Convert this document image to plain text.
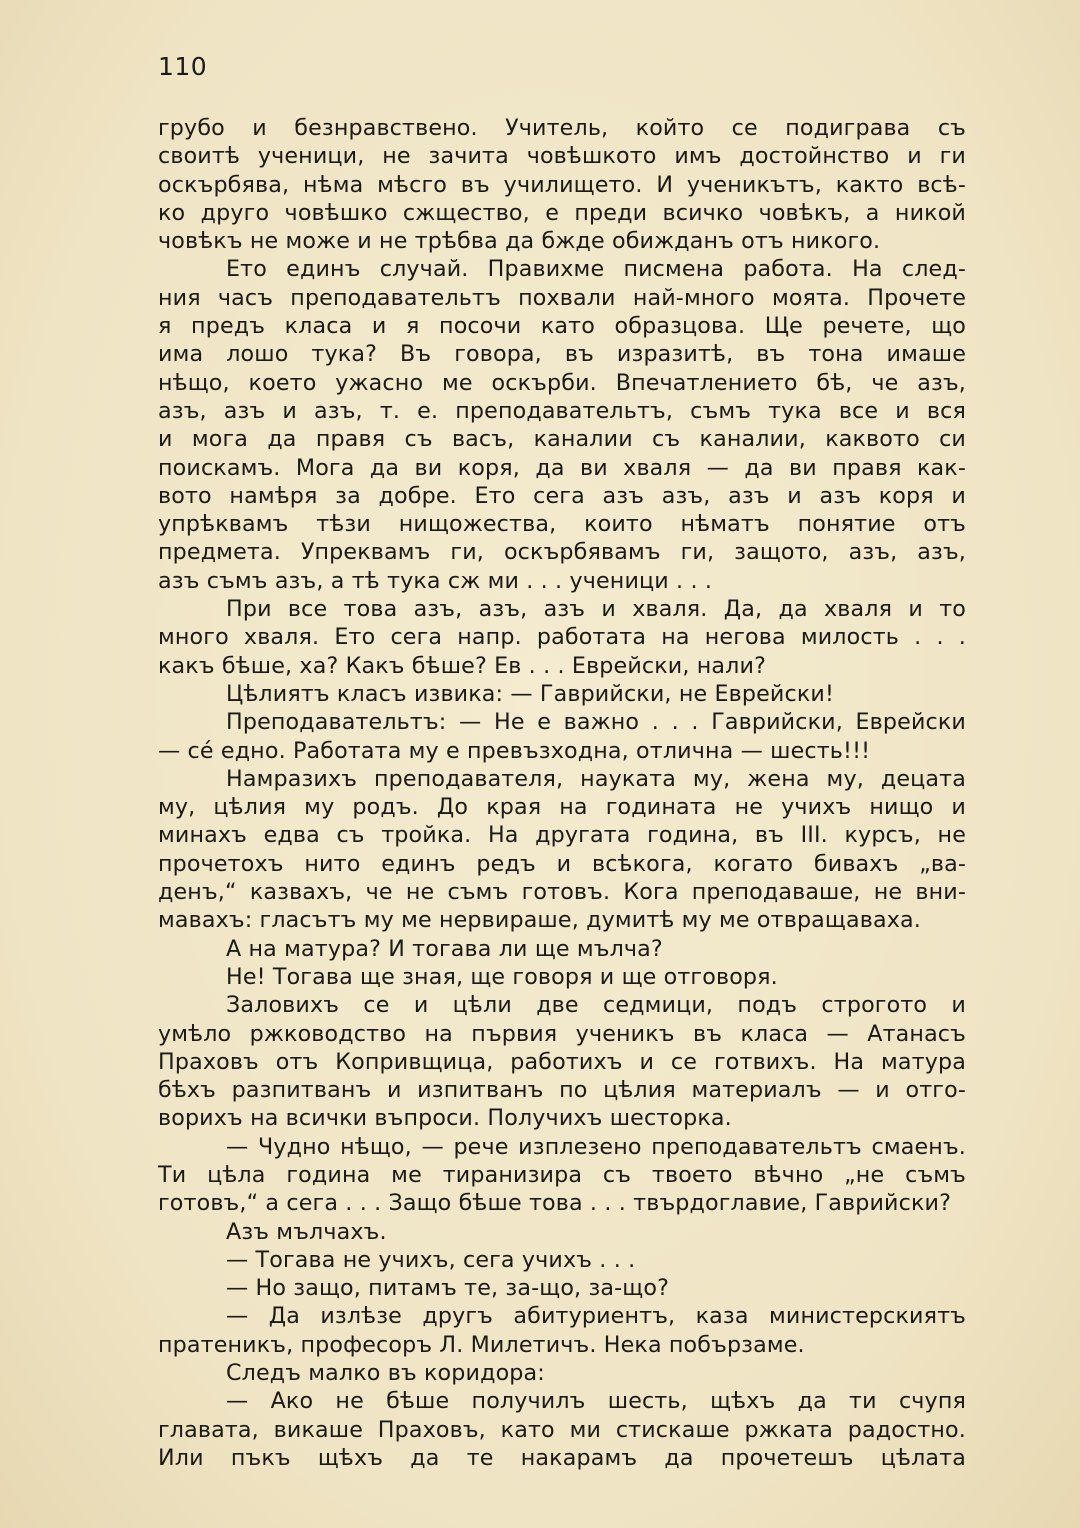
110
грубо и безнравствено. Учитель, който се подиграва съ
своитѣ ученици, не зачита човѣшкото имъ достойнство и ги
оскърбява, нѣма мѣсго въ училището. И ученикътъ, както всѣ-
ко друго човѣшко сжщество, е преди всичко човѣкъ, а никой
човѣкъ не може и не трѣбва да бжде обижданъ отъ никого.
Ето единъ случай. Правихме писмена работа. На след-
ния часъ преподавательтъ похвали най-много моята. Прочете
я предъ класа и я посочи като образцова. Ще речете, що
има лошо тука? Въ говора, въ изразитѣ, въ тона имаше
нѣщо, което ужасно ме оскърби. Впечатлението бѣ, че азъ,
азъ, азъ и азъ, т. е. преподавательтъ, съмъ тука все и вся
и мога да правя съ васъ, каналии съ каналии, каквото си
поискамъ. Мога да ви коря, да ви хваля — да ви правя как-
вото намѣря за добре. Ето сега азъ азъ, азъ и азъ коря и
упрѣквамъ тѣзи нищожества, които нѣматъ понятие отъ
предмета. Упреквамъ ги, оскърбявамъ ги, защото, азъ, азъ,
азъ съмъ азъ, а тѣ тука сж ми . . . ученици . . .
При все това азъ, азъ, азъ и хваля. Да, да хваля и то
много хваля. Ето сега напр. работата на негова милость . . .
какъ бѣше, ха? Какъ бѣше? Ев . . . Еврейски, нали?
Цѣлиятъ класъ извика: — Гаврийски, не Еврейски!
Преподавательтъ: — Не е важно . . . Гаврийски, Еврейски
— се́ едно. Работата му е превъзходна, отлична — шесть!!!
Намразихъ преподавателя, науката му, жена му, децата
му, цѣлия му родъ. До края на годината не учихъ нищо и
минахъ едва съ тройка. На другата година, въ III. курсъ, не
прочетохъ нито единъ редъ и всѣкога, когато бивахъ „ва-
денъ,“ казвахъ, че не съмъ готовъ. Кога преподаваше, не вни-
мавахъ: гласътъ му ме нервираше, думитѣ му ме отвращаваха.
А на матура? И тогава ли ще мълча?
Не! Тогава ще зная, ще говоря и ще отговоря.
Заловихъ се и цѣли две седмици, подъ строгото и
умѣло ржководство на първия ученикъ въ класа — Атанасъ
Праховъ отъ Копривщица, работихъ и се готвихъ. На матура
бѣхъ разпитванъ и изпитванъ по цѣлия материалъ — и отго-
ворихъ на всички въпроси. Получихъ шесторка.
— Чудно нѣщо, — рече изплезено преподавательтъ смаенъ.
Ти цѣла година ме тиранизира съ твоето вѣчно „не съмъ
готовъ,“ а сега . . . Защо бѣше това . . . твърдоглавие, Гаврийски?
Азъ мълчахъ.
— Тогава не учихъ, сега учихъ . . .
— Но защо, питамъ те, за-що, за-що?
— Да излѣзе другъ абитуриентъ, каза министерскиятъ
пратеникъ, професоръ Л. Милетичъ. Нека побързаме.
Следъ малко въ коридора:
— Ако не бѣше получилъ шесть, щѣхъ да ти счупя
главата, викаше Праховъ, като ми стискаше ржката радостно.
Или пъкъ щѣхъ да те накарамъ да прочетешъ цѣлата
